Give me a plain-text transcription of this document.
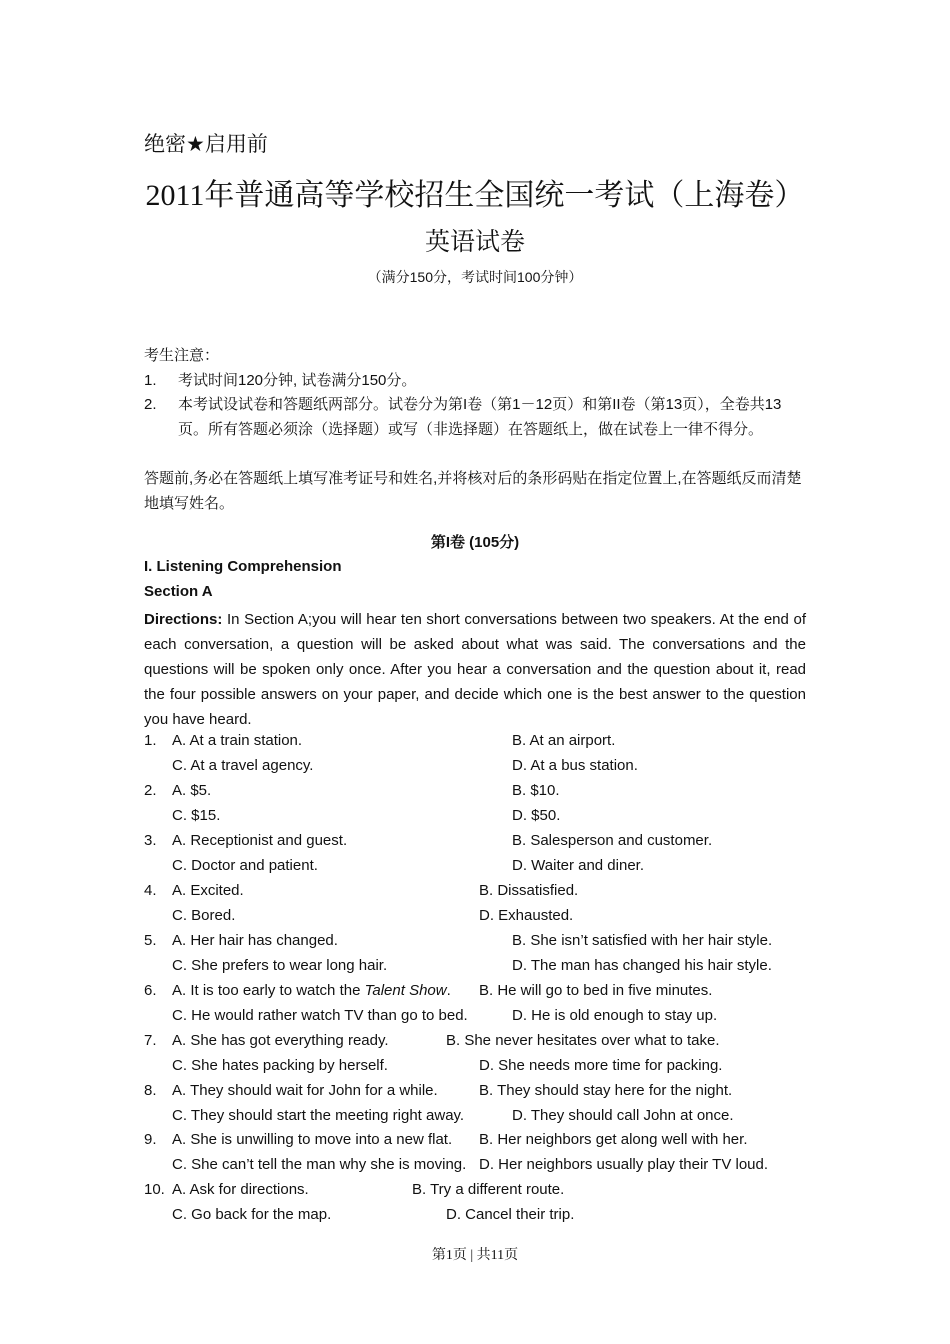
绝密★启用前
2011年普通高等学校招生全国统一考试（上海卷）
英语试卷
（满分150分，考试时间100分钟）
考生注意：
1. 考试时间120分钟, 试卷满分150分。
2. 本考试设试卷和答题纸两部分。试卷分为第I卷（第1－12页）和第II卷（第13页），全卷共13页。所有答题必须涂（选择题）或写（非选择题）在答题纸上，做在试卷上一律不得分。
答题前,务必在答题纸上填写准考证号和姓名,并将核对后的条形码贴在指定位置上,在答题纸反而清楚地填写姓名。
第I卷 (105分)
I. Listening Comprehension
Section A
Directions: In Section A;you will hear ten short conversations between two speakers. At the end of each conversation, a question will be asked about what was said. The conversations and the questions will be spoken only once. After you hear a conversation and the question about it, read the four possible answers on your paper, and decide which one is the best answer to the question you have heard.
1. A. At a train station.	B. At an airport.
C. At a travel agency.	D. At a bus station.
2. A. $5.	B. $10.
C. $15.	D. $50.
3. A. Receptionist and guest.	B. Salesperson and customer.
C. Doctor and patient.	D. Waiter and diner.
4. A. Excited.	B. Dissatisfied.
C. Bored.	D. Exhausted.
5. A. Her hair has changed.	B. She isn’t satisfied with her hair style.
C. She prefers to wear long hair.	D. The man has changed his hair style.
6. A. It is too early to watch the Talent Show. B. He will go to bed in five minutes.
C. He would rather watch TV than go to bed.	D. He is old enough to stay up.
7. A. She has got everything ready.	B. She never hesitates over what to take.
C. She hates packing by herself.	D. She needs more time for packing.
8. A. They should wait for John for a while.	B. They should stay here for the night.
C. They should start the meeting right away.	D. They should call John at once.
9. A. She is unwilling to move into a new flat. B. Her neighbors get along well with her.
C. She can’t tell the man why she is moving. D. Her neighbors usually play their TV loud.
10. A. Ask for directions.	B. Try a different route.
C. Go back for the map.	D. Cancel their trip.
第1页 | 共11页
